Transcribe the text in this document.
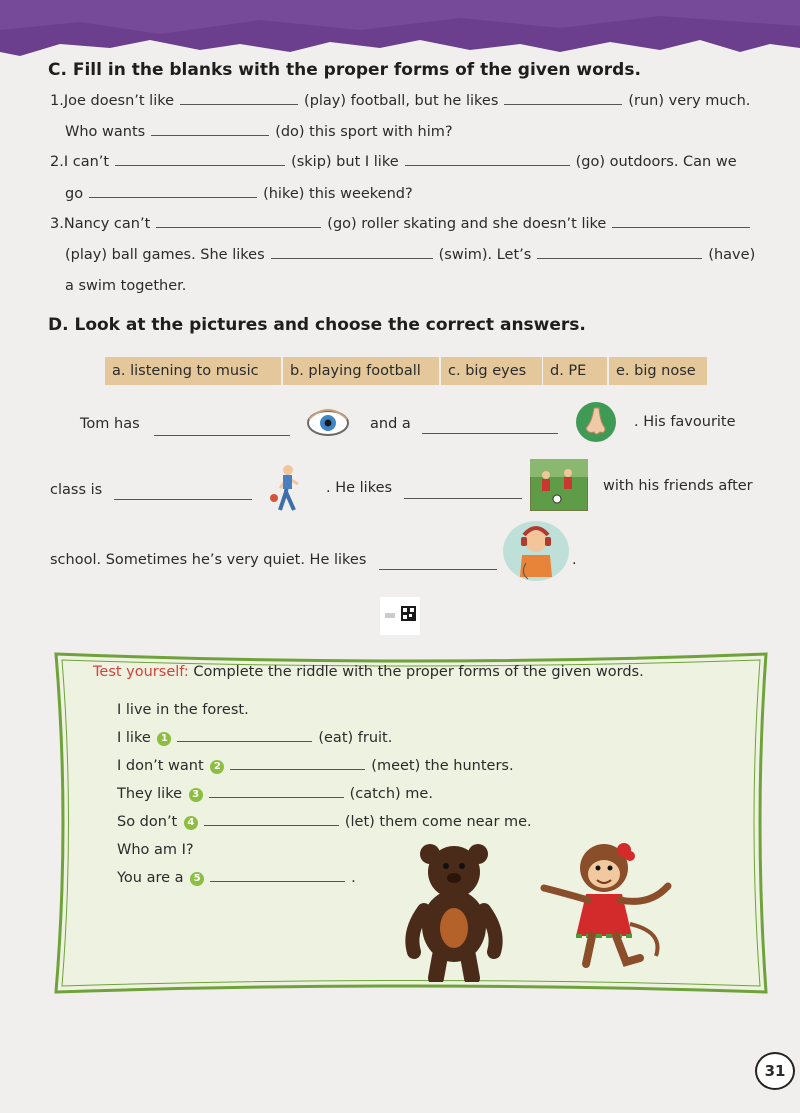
C. Fill in the blanks with the proper forms of the given words.
1.Joe doesn’t like	(play) football, but he likes	(run) very much.
Who wants	(do) this sport with him?
2.I can’t	(skip) but I like	(go) outdoors. Can we
go	(hike) this weekend?
3.Nancy can’t	(go) roller skating and she doesn’t like
(play) ball games. She likes	(swim). Let’s	(have)
a swim together.
D. Look at the pictures and choose the correct answers.
a. listening to music	b. playing football	c. big eyes	d. PE	e. big nose
Tom has	and a	. His favourite
class is	. He likes	with his friends after
school. Sometimes he’s very quiet. He likes	.
Test yourself: Complete the riddle with the proper forms of the given words.
I live in the forest.
I like 1	(eat) fruit.
I don’t want 2	(meet) the hunters.
They like 3	(catch) me.
So don’t 4	(let) them come near me.
Who am I?
You are a 5	.
31
